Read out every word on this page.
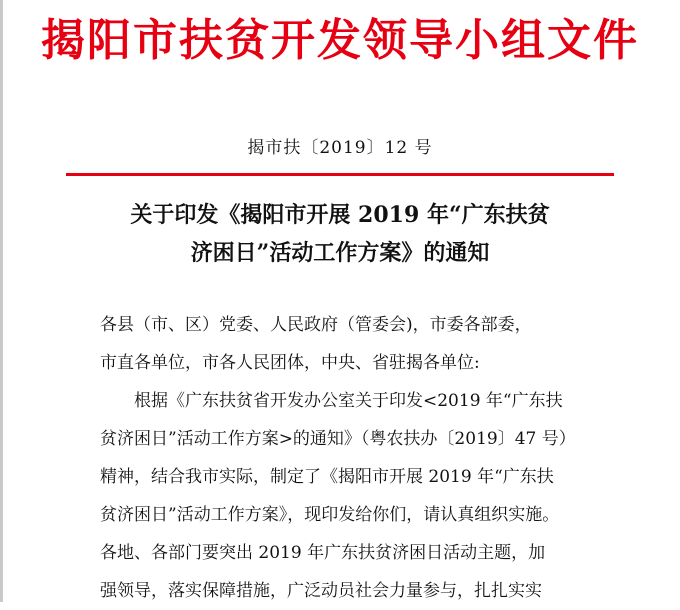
揭阳市扶贫开发领导小组文件
揭市扶〔2019〕12 号
关于印发《揭阳市开展 2019 年“广东扶贫
济困日”活动工作方案》的通知
各县（市、区）党委、人民政府（管委会)，市委各部委，
市直各单位，市各人民团体，中央、省驻揭各单位:
根据《广东扶贫省开发办公室关于印发<2019 年“广东扶
贫济困日”活动工作方案>的通知》（粤农扶办〔2019〕47 号）
精神，结合我市实际，制定了《揭阳市开展 2019 年“广东扶
贫济困日”活动工作方案》，现印发给你们，请认真组织实施。
各地、各部门要突出 2019 年广东扶贫济困日活动主题，加
强领导，落实保障措施，广泛动员社会力量参与，扎扎实实
